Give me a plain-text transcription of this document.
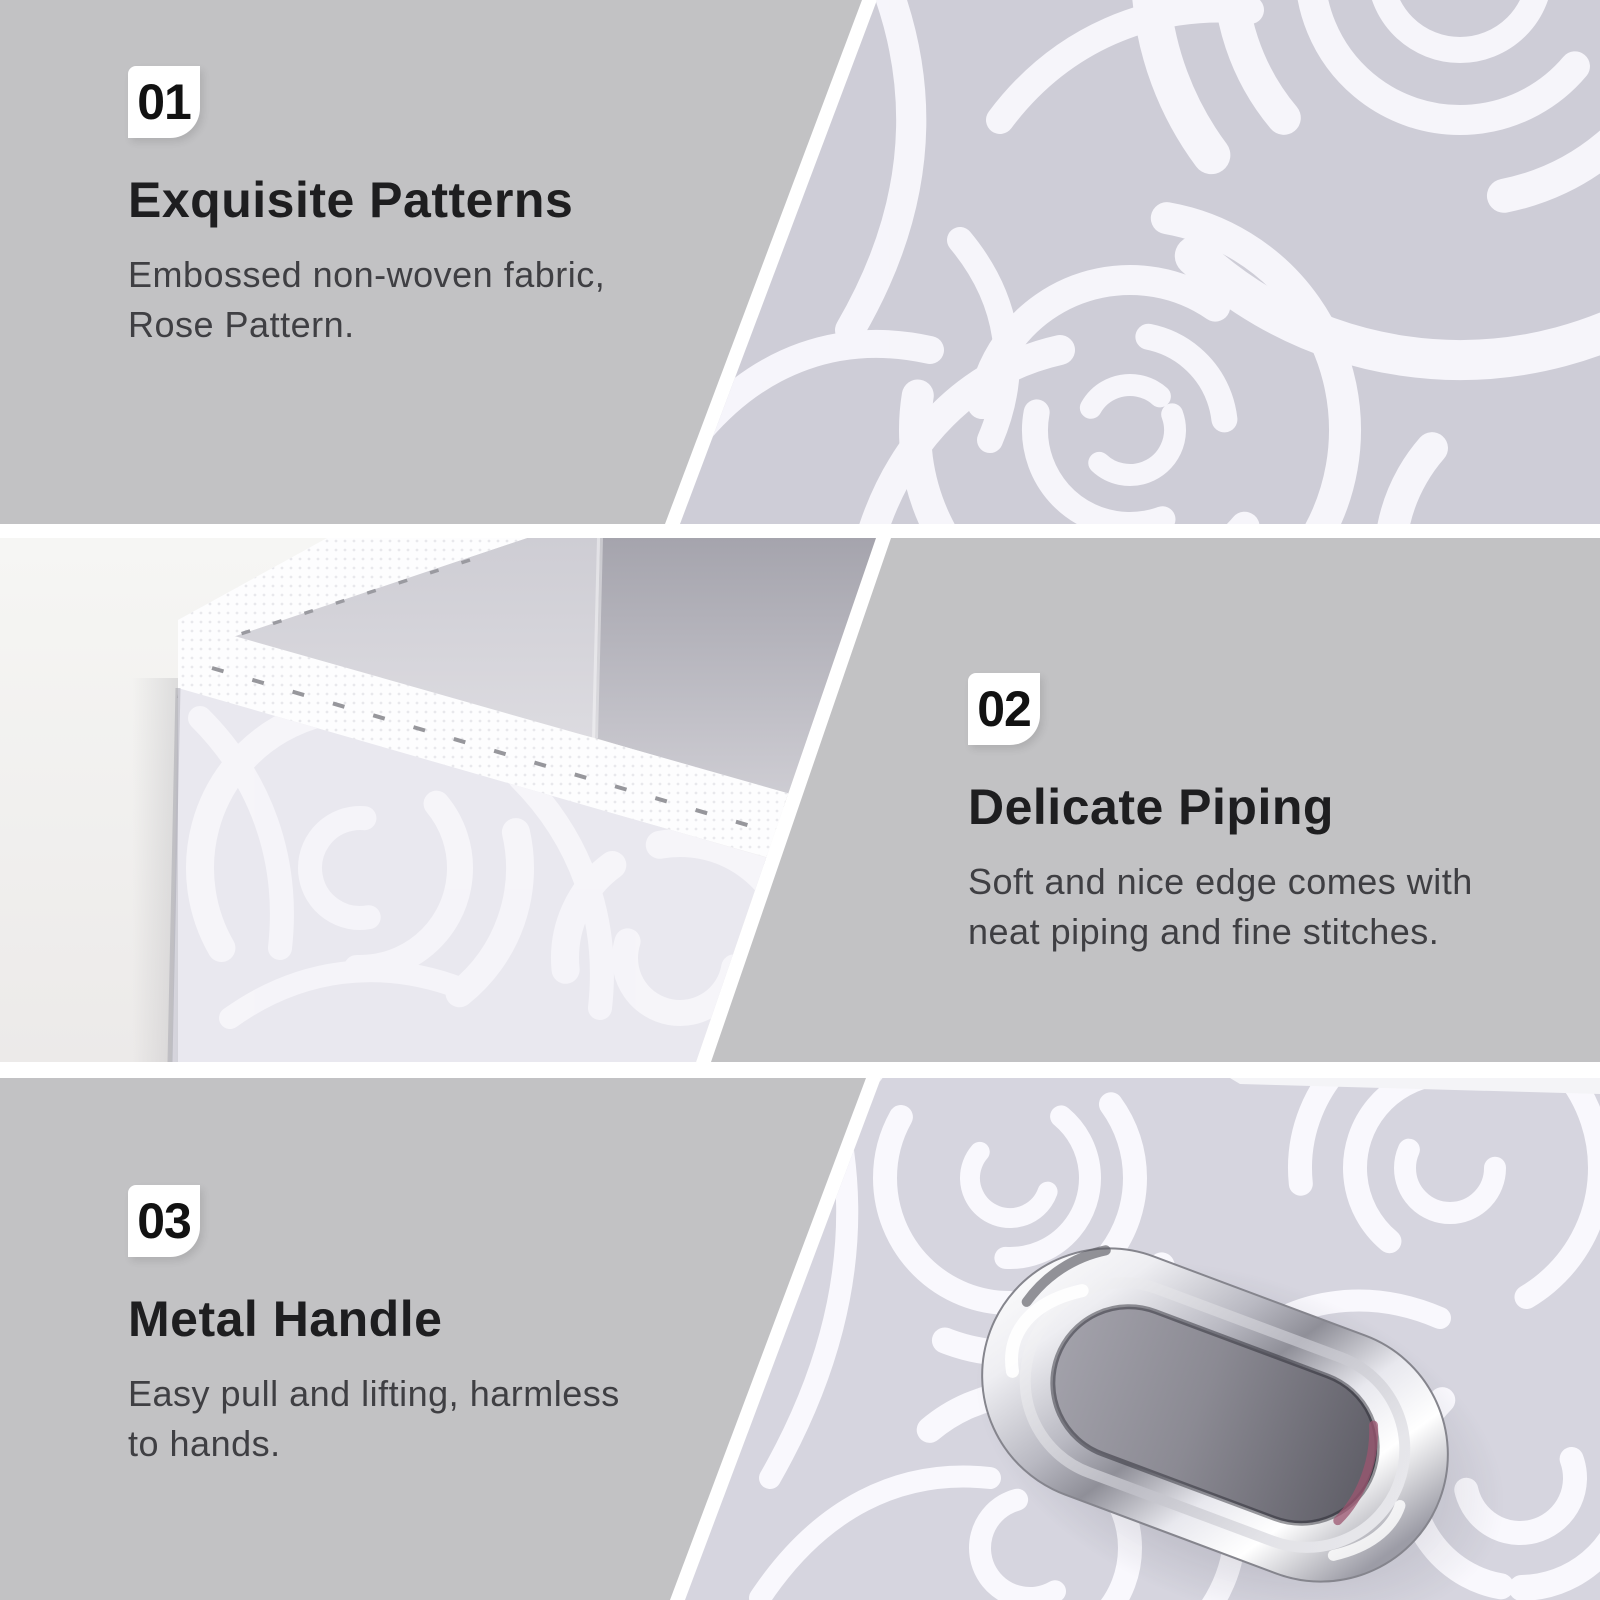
01
Exquisite Patterns

Embossed non-woven fabric,
Rose Pattern.

02
Delicate Piping

Soft and nice edge comes with
neat piping and fine stitches.

03
Metal Handle

Easy pull and lifting, harmless
to hands.
